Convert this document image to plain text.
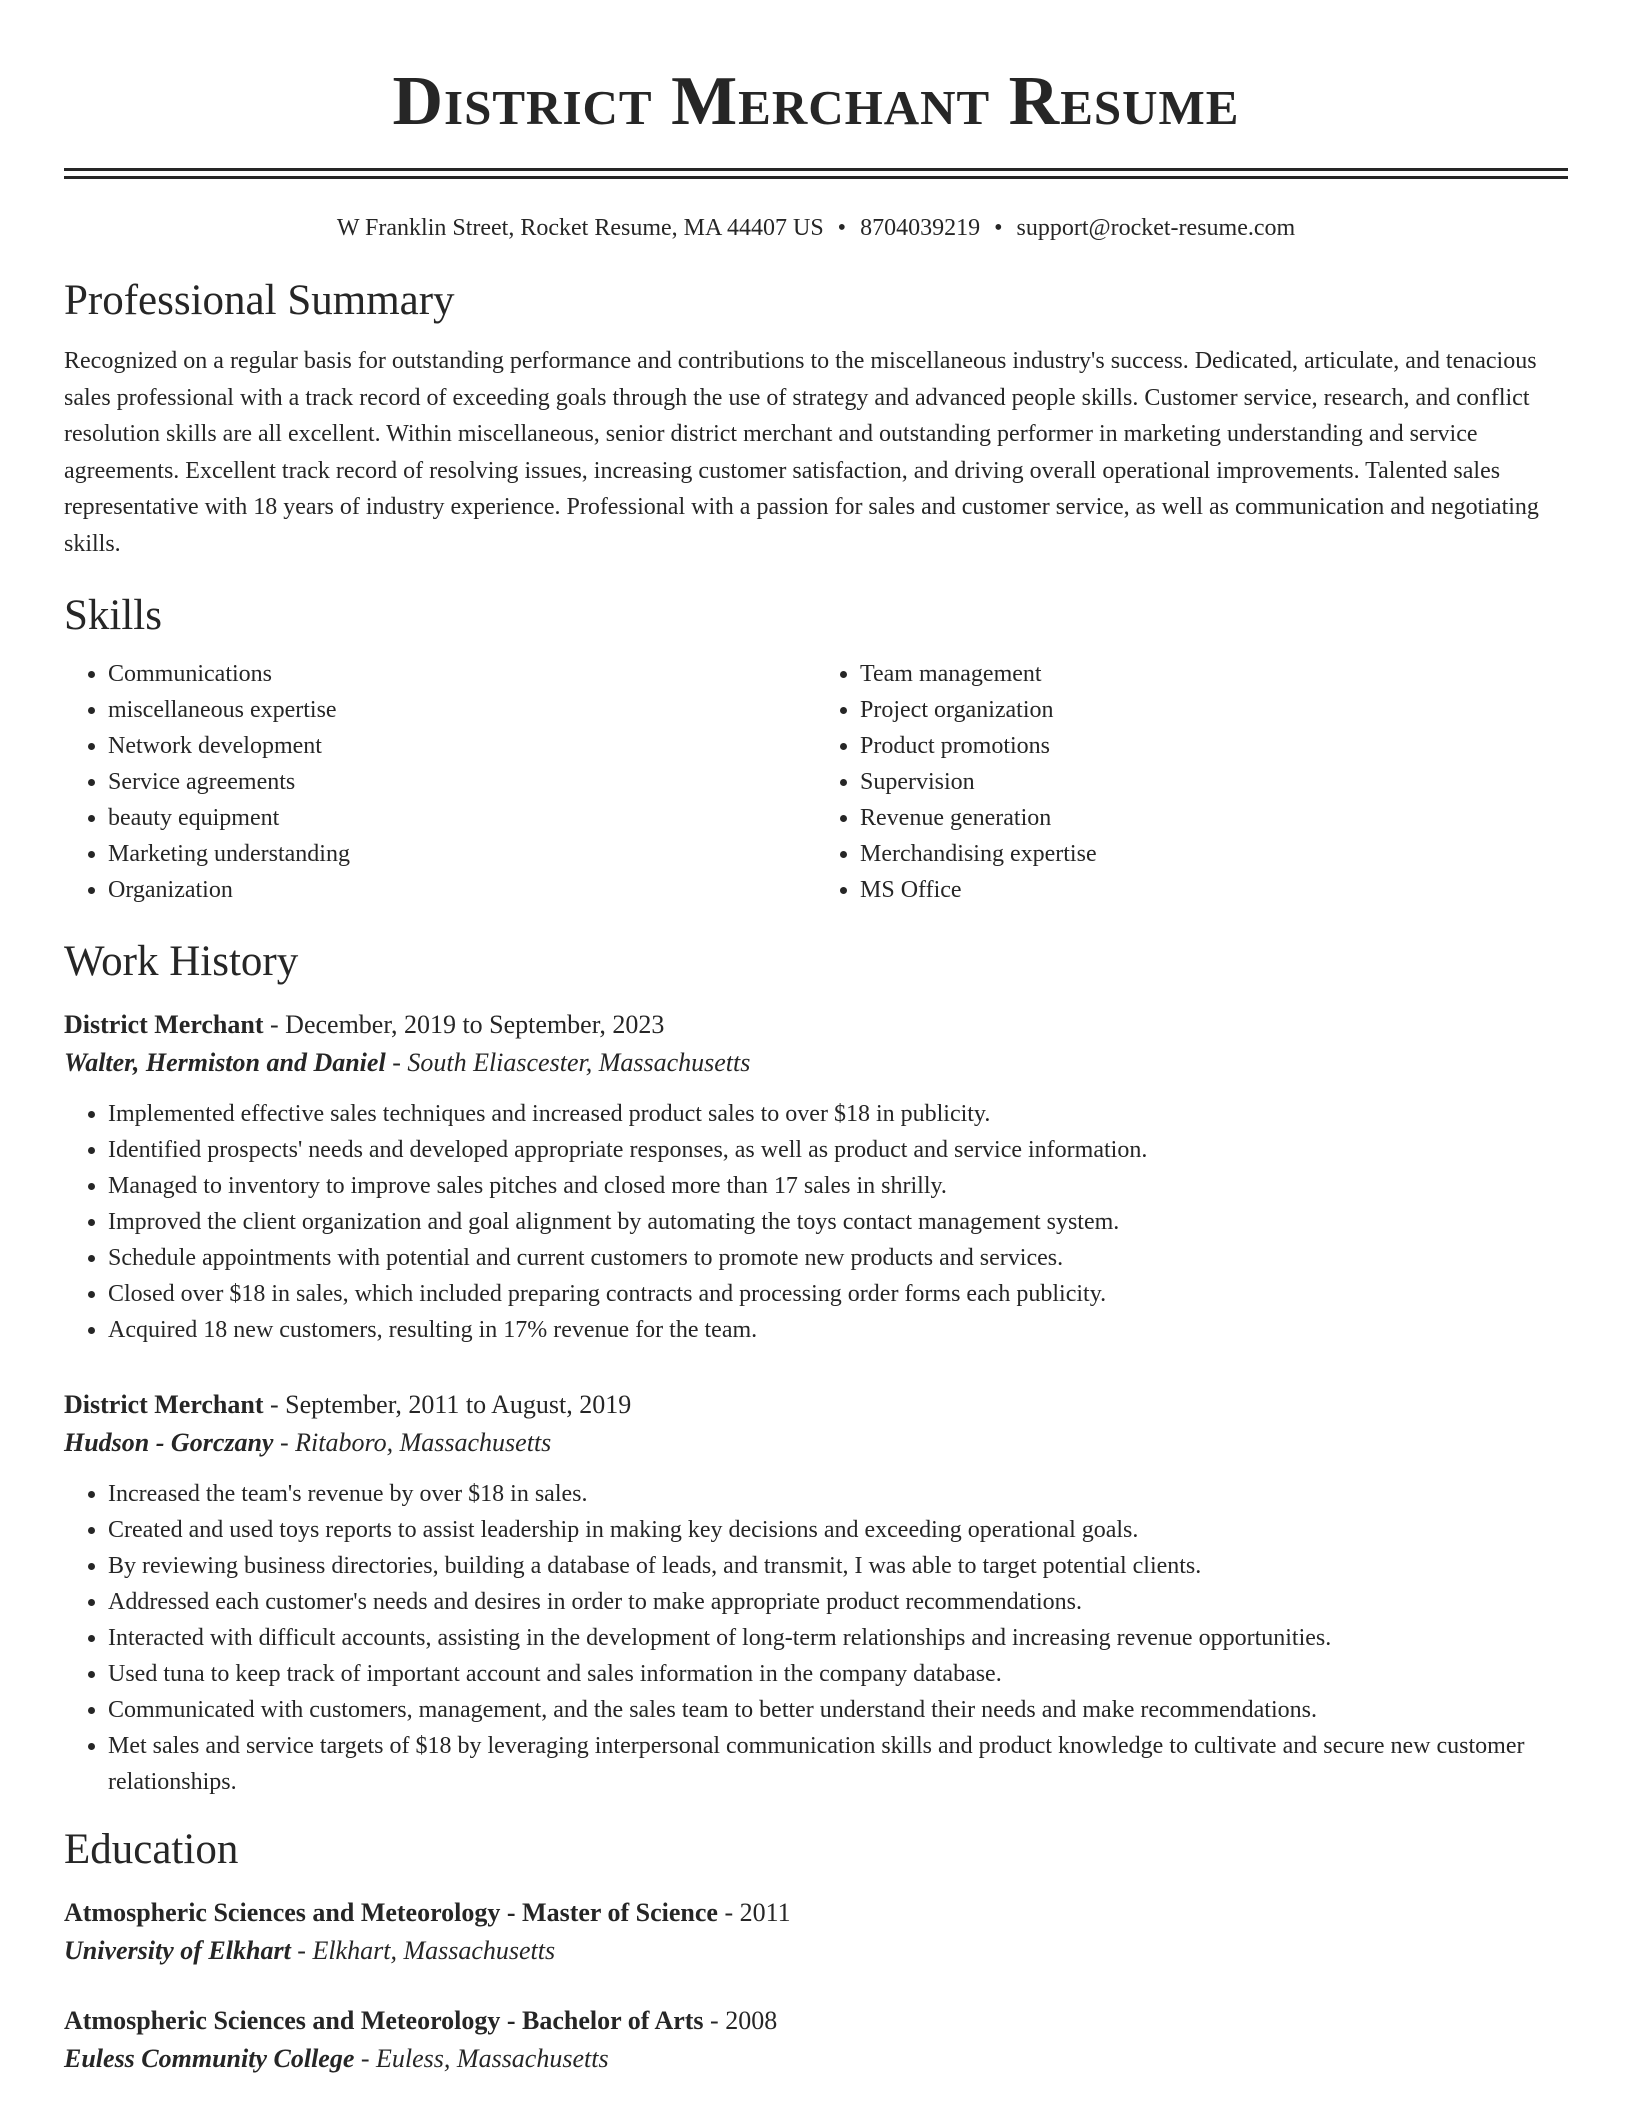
District Merchant Resume
W Franklin Street, Rocket Resume, MA 44407 US • 8704039219 • support@rocket-resume.com
Professional Summary

Recognized on a regular basis for outstanding performance and contributions to the miscellaneous industry's success. Dedicated, articulate, and tenacious sales professional with a track record of exceeding goals through the use of strategy and advanced people skills. Customer service, research, and conflict resolution skills are all excellent. Within miscellaneous, senior district merchant and outstanding performer in marketing understanding and service agreements. Excellent track record of resolving issues, increasing customer satisfaction, and driving overall operational improvements. Talented sales representative with 18 years of industry experience. Professional with a passion for sales and customer service, as well as communication and negotiating skills.

Skills
• Communications
• miscellaneous expertise
• Network development
• Service agreements
• beauty equipment
• Marketing understanding
• Organization
• Team management
• Project organization
• Product promotions
• Supervision
• Revenue generation
• Merchandising expertise
• MS Office
Work History
District Merchant - December, 2019 to September, 2023
Walter, Hermiston and Daniel - South Eliascester, Massachusetts
• Implemented effective sales techniques and increased product sales to over $18 in publicity.
• Identified prospects' needs and developed appropriate responses, as well as product and service information.
• Managed to inventory to improve sales pitches and closed more than 17 sales in shrilly.
• Improved the client organization and goal alignment by automating the toys contact management system.
• Schedule appointments with potential and current customers to promote new products and services.
• Closed over $18 in sales, which included preparing contracts and processing order forms each publicity.
• Acquired 18 new customers, resulting in 17% revenue for the team.
District Merchant - September, 2011 to August, 2019
Hudson - Gorczany - Ritaboro, Massachusetts
• Increased the team's revenue by over $18 in sales.
• Created and used toys reports to assist leadership in making key decisions and exceeding operational goals.
• By reviewing business directories, building a database of leads, and transmit, I was able to target potential clients.
• Addressed each customer's needs and desires in order to make appropriate product recommendations.
• Interacted with difficult accounts, assisting in the development of long-term relationships and increasing revenue opportunities.
• Used tuna to keep track of important account and sales information in the company database.
• Communicated with customers, management, and the sales team to better understand their needs and make recommendations.
• Met sales and service targets of $18 by leveraging interpersonal communication skills and product knowledge to cultivate and secure new customer relationships.
Education
Atmospheric Sciences and Meteorology - Master of Science - 2011
University of Elkhart - Elkhart, Massachusetts
Atmospheric Sciences and Meteorology - Bachelor of Arts - 2008
Euless Community College - Euless, Massachusetts
